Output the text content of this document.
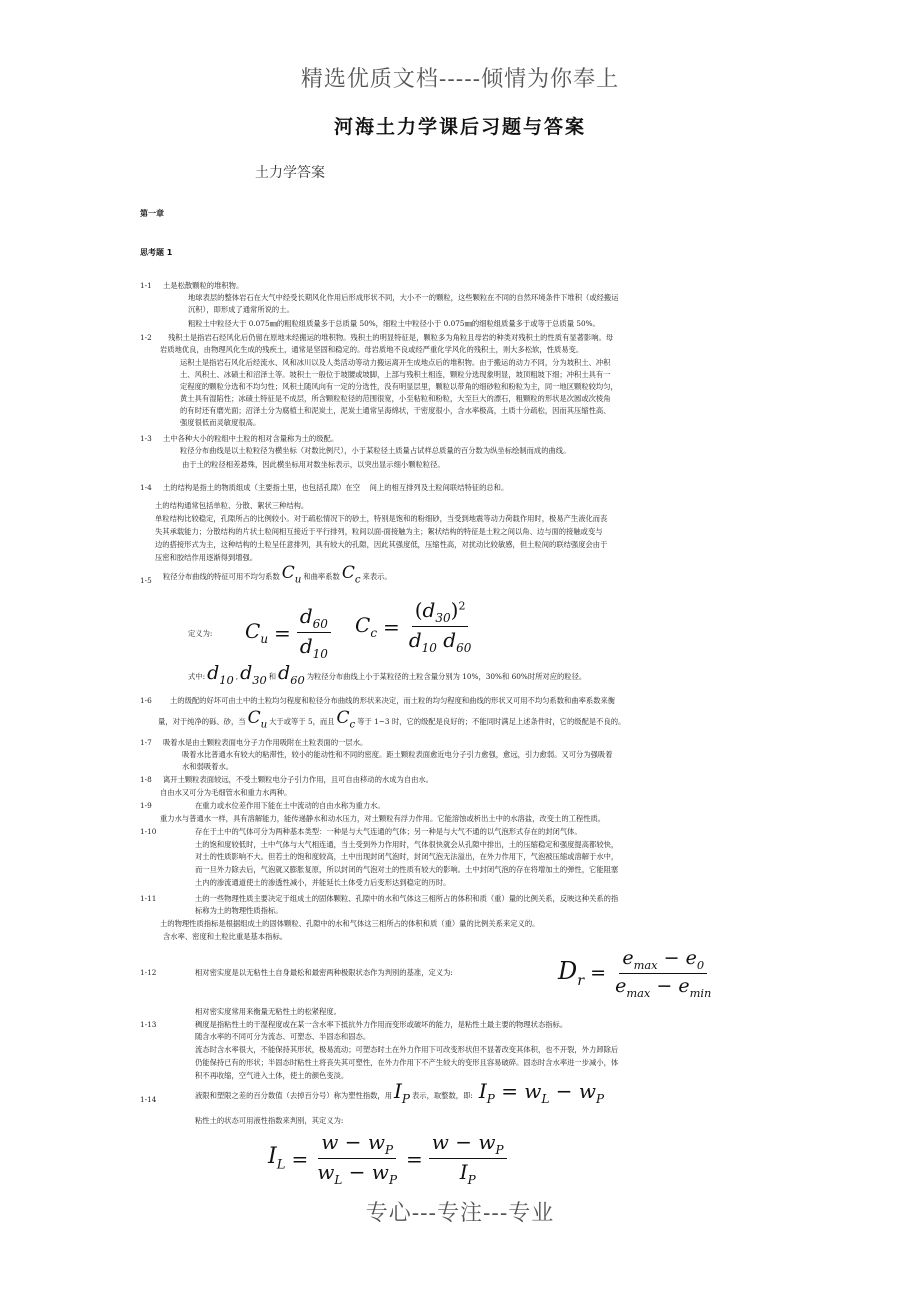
精选优质文档-----倾情为你奉上
河海土力学课后习题与答案
土力学答案
第一章
思考题 1
1-1 土是松散颗粒的堆积物。
地球表层的整体岩石在大气中经受长期风化作用后形成形状不同，大小不一的颗粒，这些颗粒在不同的自然环境条件下堆积（或经搬运
沉积），即形成了通常所说的土。
粗粒土中粒径大于 0.075㎜的粗粒组质量多于总质量 50%，细粒土中粒径小于 0.075㎜的细粒组质量多于或等于总质量 50%。
1-2 残积土是指岩石经风化后仍留在原地未经搬运的堆积物。残积土的明显特征是，颗粒多为角粒且母岩的种类对残积土的性质有显著影响。母
岩质地优良，由物理风化生成的残疾土，通常是坚固和稳定的。母岩质地不良或经严重化学风化的残积土，则大多松软，性质易变。
运积土是指岩石风化后经流水、风和冰川以及人类活动等动力搬运离开生成地点后的堆积物。由于搬运的动力不同，分为坡积土、冲积
土、风积土、冰碛土和沼泽土等。坡积土一般位于坡腰或坡脚，上部与残积土相连，颗粒分选现象明显，坡顶粗坡下细；冲积土具有一
定程度的颗粒分选和不均匀性；风积土随风向有一定的分选性，没有明显层里，颗粒以带角的细砂粒和粉粒为主，同一地区颗粒较均匀，
黄土具有湿陷性；冰碛土特征是不成层，所含颗粒粒径的范围很宽，小至粘粒和粉粒，大至巨大的漂石，粗颗粒的形状是次圆或次棱角
的有时还有磨光面；沼泽土分为腐植土和泥炭土，泥炭土通常呈海绵状，干密度很小，含水率极高，土质十分疏松，因而其压缩性高、
强度很低而灵敏度很高。
1-3 土中各种大小的粒组中土粒的相对含量称为土的级配。
粒径分布曲线是以土粒粒径为横坐标（对数比例尺），小于某粒径土质量占试样总质量的百分数为纵坐标绘制而成的曲线。
由于土的粒径相差悬殊，因此横坐标用对数坐标表示，以突出显示细小颗粒粒径。
1-4 土的结构是指土的物质组成（主要指土里，也包括孔隙）在空　 间上的相互排列及土粒间联结特征的总和。
土的结构通常包括单粒、分散、絮状三种结构。
单粒结构比较稳定，孔隙所占的比例较小。对于疏松情况下的砂土，特别是饱和的粉细砂，当受到地震等动力荷载作用时，极易产生液化而丧
失其承载能力；分散结构的片状土粒间相互接近于平行排列，粒间以面-面接触为主；絮状结构的特征是土粒之间以角、边与面的接触或变与
边的搭接形式为主，这种结构的土粒呈任意排列，具有较大的孔隙，因此其强度低，压缩性高，对扰动比较敏感，但土粒间的联结强度会由于
压密和胶结作用逐渐得到增强。
1-5 粒径分布曲线的特征可用不均匀系数 $C_u$ 和曲率系数 $C_c$ 来表示。
定义为: $C_u = \frac{d_{60}}{d_{10}} C_c = \frac{(d_{30})^2}{d_{10} d_{60}}$
式中: $d_{10}$ , $d_{30}$ 和 $d_{60}$ 为粒径分布曲线上小于某粒径的土粒含量分别为 10%，30%和 60%时所对应的粒径。
1-6 土的级配的好坏可由土中的土粒均匀程度和粒径分布曲线的形状来决定，而土粒的均匀程度和曲线的形状又可用不均匀系数和曲率系数来衡
量，对于纯净的砾、砂，当 $C_u$ 大于或等于 5，而且 $C_c$ 等于 1~3 时，它的级配是良好的；不能同时满足上述条件时，它的级配是不良的。
1-7 吸着水是由土颗粒表面电分子力作用吸附在土粒表面的一层水。
吸着水比普通水有较大的粘滞性，较小的能动性和不同的密度。距土颗粒表面愈近电分子引力愈强，愈远，引力愈弱。又可分为强吸着
水和弱吸着水。
1-8 离开土颗粒表面较远，不受土颗粒电分子引力作用，且可自由移动的水成为自由水。
自由水又可分为毛细管水和重力水两种。
1-9	在重力或水位差作用下能在土中流动的自由水称为重力水。
重力水与普通水一样，具有溶解能力，能传递静水和动水压力，对土颗粒有浮力作用。它能溶蚀或析出土中的水溶盐，改变土的工程性质。
1-10	存在于土中的气体可分为两种基本类型：一种是与大气连通的气体；另一种是与大气不通的以气泡形式存在的封闭气体。
土的饱和度较低时，土中气体与大气相连通，当土受到外力作用时，气体很快就会从孔隙中排出，土的压缩稳定和强度提高都较快，
对土的性质影响不大。但若土的饱和度较高，土中出现封闭气泡时，封闭气泡无法溢出，在外力作用下，气泡被压缩或溶解于水中，
而一旦外力除去后，气泡就又膨胀复原，所以封闭的气泡对土的性质有较大的影响。土中封闭气泡的存在将增加土的弹性，它能阻塞
土内的渗流通道使土的渗透性减小，并能延长土体受力后变形达到稳定的历时。
1-11	土的一些物理性质主要决定于组成土的固体颗粒、孔隙中的水和气体这三相所占的体积和质（重）量的比例关系，反映这种关系的指
标称为土的物理性质指标。
土的物理性质指标是根据组成土的固体颗粒、孔隙中的水和气体这三相所占的体积和质（重）量的比例关系来定义的。
含水率、密度和土粒比重是基本指标。
1-12	相对密实度是以无粘性土自身最松和最密两种极限状态作为判别的基准，定义为:	$D_r = \frac{e_{max} - e_0}{e_{max} - e_{min}}$
相对密实度常用来衡量无粘性土的松紧程度。
1-13	稠度是指粘性土的干湿程度或在某一含水率下抵抗外力作用而变形或破坏的能力，是粘性土最主要的物理状态指标。
随含水率的不同可分为流态、可塑态、半固态和固态。
流态时含水率很大，不能保持其形状，极易流动；可塑态时土在外力作用下可改变形状但不显著改变其体积，也不开裂，外力卸除后
仍能保持已有的形状；半固态时粘性土将丧失其可塑性，在外力作用下不产生较大的变形且容易破碎。固态时含水率进一步减小，体
积不再收缩，空气进入土体，使土的颜色变淡。
1-14	液限和塑限之差的百分数值（去掉百分号）称为塑性指数，用 $I_P$ 表示，取整数，即: $I_P = w_L - w_P$
粘性土的状态可用液性指数来判别，其定义为:
$I_L = \frac{w - w_P}{w_L - w_P} = \frac{w - w_P}{I_P}$
专心---专注---专业
